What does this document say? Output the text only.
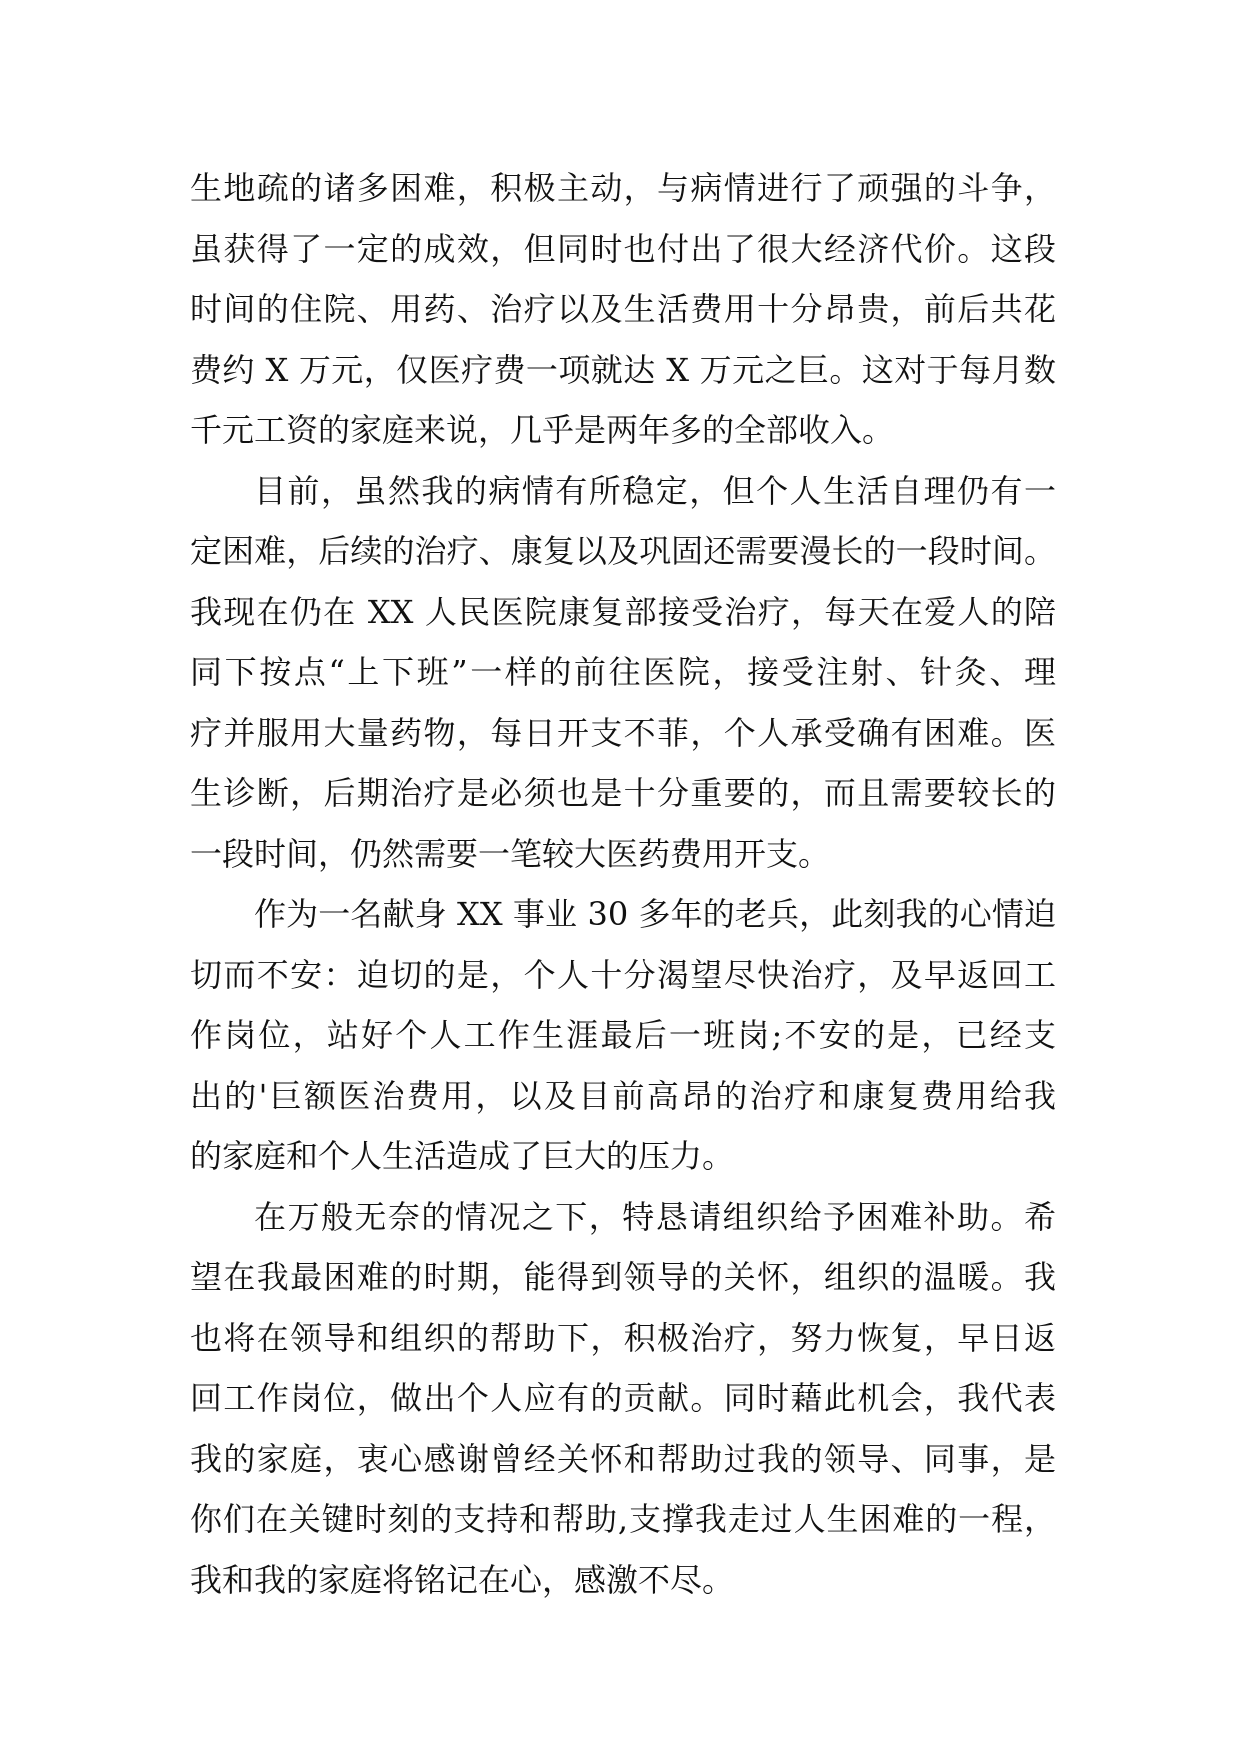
生地疏的诸多困难，积极主动，与病情进行了顽强的斗争，
虽获得了一定的成效，但同时也付出了很大经济代价。这段
时间的住院、用药、治疗以及生活费用十分昂贵，前后共花
费约 X 万元，仅医疗费一项就达 X 万元之巨。这对于每月数
千元工资的家庭来说，几乎是两年多的全部收入。
目前，虽然我的病情有所稳定，但个人生活自理仍有一
定困难，后续的治疗、康复以及巩固还需要漫长的一段时间。
我现在仍在 XX 人民医院康复部接受治疗，每天在爱人的陪
同下按点“上下班”一样的前往医院，接受注射、针灸、理
疗并服用大量药物，每日开支不菲，个人承受确有困难。医
生诊断，后期治疗是必须也是十分重要的，而且需要较长的
一段时间，仍然需要一笔较大医药费用开支。
作为一名献身 XX 事业 30 多年的老兵，此刻我的心情迫
切而不安：迫切的是，个人十分渴望尽快治疗，及早返回工
作岗位，站好个人工作生涯最后一班岗;不安的是，已经支
出的'巨额医治费用，以及目前高昂的治疗和康复费用给我
的家庭和个人生活造成了巨大的压力。
在万般无奈的情况之下，特恳请组织给予困难补助。希
望在我最困难的时期，能得到领导的关怀，组织的温暖。我
也将在领导和组织的帮助下，积极治疗，努力恢复，早日返
回工作岗位，做出个人应有的贡献。同时藉此机会，我代表
我的家庭，衷心感谢曾经关怀和帮助过我的领导、同事，是
你们在关键时刻的支持和帮助,支撑我走过人生困难的一程，
我和我的家庭将铭记在心，感激不尽。
